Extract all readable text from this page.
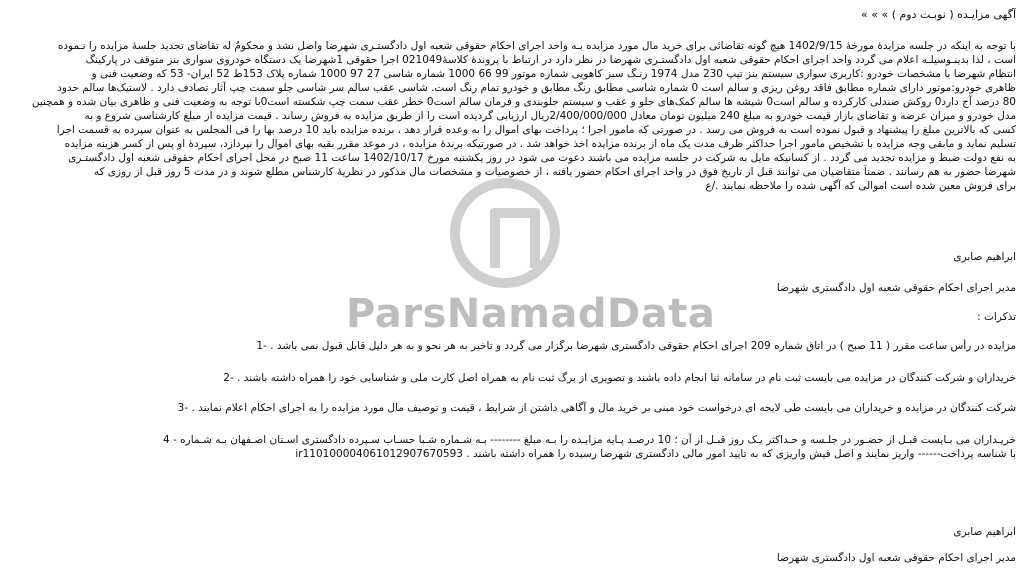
ParsNamadData
آگهی مزایـده ( نوبـت دوم ) » » »
با توجه به اینکه در جلسه مزایدۀ مورخۀ 1402/9/15 هیچ گونه تقاضائی برای خرید مال مورد مزایده بـه واحد اجرای احکام حقوقی شعبه اول دادگستـری شهرضا واصل نشد و محکومٌ له تقاضای تجدید جلسۀ مزایده را نـموده
است ، لذا بدینـوسیلـه اعلام می گردد واحد اجرای احکام حقوقی شعبه اول دادگستـری شهرضا در نظر دارد در ارتباط با پروندۀ کلاسۀ021049 اجرا حقوقی 1شهرضا یک دستگاه خودروی سواری بنز متوقف در پارکینگ
انتظام شهرضا با مشخصات خودرو :کاربری سواری سیستم بنز تیپ 230 مدل 1974 رنـگ سبز کاهویی شماره موتور 99 66 1000 شماره شاسی 27 97 1000 شماره پلاک 153ط 52 ایران- 53 که وضعیت فنی و
ظاهری خودرو:موتور دارای شماره مطابق فاقد روغن ریزی و سالم است 0 شماره شاسی مطابق رنگ مطابق و خودرو تمام رنگ است. شاسی عقب سالم سر شاسی جلو سمت چپ آثار تصادف دارد . لاستیک‌ها سالم حدود
80 درصد آج دارد0 روکش صندلی کارکرده و سالم است0 شیشه ها سالم کمک‌های جلو و عقب و سیستم جلوبندی و فرمان سالم است0 خطر عقب سمت چپ شکسته است0با توجه به وضعیت فنی و ظاهری بیان شده و همچنین
مدل خودرو و میزان عرضه و تقاضای بازار قیمت خودرو به مبلغ 240 میلیون تومان معادل 2/400/000/000ریال ارزیابی گردیده است را از طریق مزایده به فروش رساند . قیمت مزایده از مبلغ کارشناسی شروع و به
کسی که بالاترین مبلغ را پیشنهاد و قبول نموده است به فروش می رسد . در صورتی که مامور اجرا ؛ پرداخت بهای اموال را به وعده قرار دهد ، برنده مزایده باید 10 درصد بها را فی المجلس به عنوان سپرده به قسمت اجرا
تسلیم نماید و مابقی وجه مزایده با تشخیص مامور اجرا حداکثر ظرف مدت یک ماه از برنده مزایده اخذ خواهد شد . در صورتیکه برندۀ مزایده ، در موعد مقرر بقیه بهای اموال را نپردازد، سپردۀ او پس از کسر هزینه مزایده
به نفع دولت ضبط و مزایده تجدید می گردد . از کسانیکه مایل به شرکت در جلسه مزایده می باشند دعوت می شود در روز یکشنبه مورخ 1402/10/17 ساعت 11 صبح در محل اجرای احکام حقوقی شعبه اول دادگستـری
شهرضا حضور به هم رسانند . ضمناً متقاضیان می توانند قبل از تاریخ فوق در واحد اجرای احکام حضور یافته ، از خصوصیات و مشخصات مال مذکور در نظریۀ کارشناس مطلع شوند و در مدت 5 روز قبل از روزی که
برای فروش معین شده است اموالی که آگهی شده را ملاحظه نمایند ./ع
ابراهیم صابری
مدیر اجرای احکام حقوقی شعبه اول دادگستری شهرضا
تذکرات :
مزایده در رأس ساعت مقرر ( 11 صبح ) در اتاق شماره 209 اجرای احکام حقوقی دادگستری شهرضا برگزار می گردد و تاخیر به هر نحو و به هر دلیل قابل قبول نمی باشد . -1
خریداران و شرکت کنندگان در مزایده می بایست ثبت نام در سامانه ثنا انجام داده باشند و تصویری از برگ ثبت نام به همراه اصل کارت ملی و شناسایی خود را همراه داشته باشند . -2
شرکت کنندگان در مزایده و خریداران می بایست طی لایحه ای درخواست خود مبنی بر خرید مال و آگاهی داشتن از شرایط ، قیمت و توصیف مال مورد مزایده را به اجرای احکام اعلام نمایند . -3
خریـداران می بـایست قبـل از حضـور در جلـسه و حـداکثر یـک روز قبـل از آن ؛ 10 درصـد پـایه مزایـده را بـه مبلغ -------- بـه شـماره شـبا حسـاب سـپرده دادگستری اسـتان اصـفهان بـه شـماره - 4
با شناسه پرداخت------ واریز نمایند و اصل فیش واریزی که به تایید امور مالی دادگستری شهرضا رسیده را همراه داشته باشند . ir110100004061012907670593
ابراهیم صابری
مدیر اجرای احکام حقوقی شعبه اول دادگستری شهرضا
